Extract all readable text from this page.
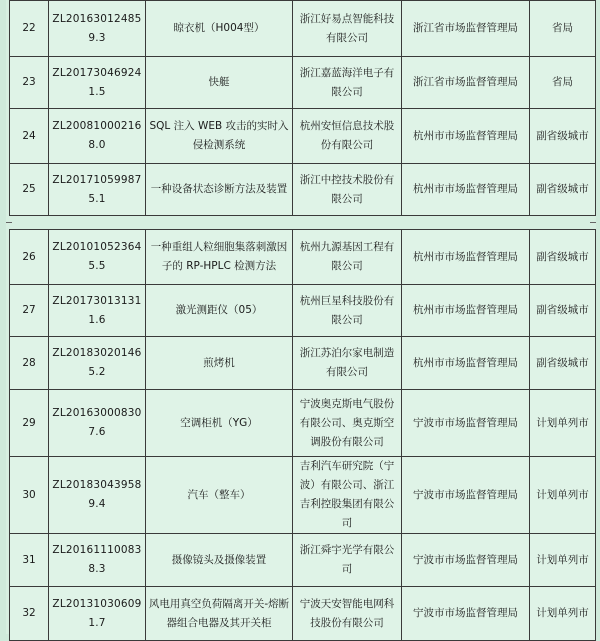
22	ZL201630124859.3	晾衣机（H004型）	浙江好易点智能科技有限公司	浙江省市场监督管理局	省局
23	ZL201730469241.5	快艇	浙江嘉蓝海洋电子有限公司	浙江省市场监督管理局	省局
24	ZL200810002168.0	SQL 注入 WEB 攻击的实时入侵检测系统	杭州安恒信息技术股份有限公司	杭州市市场监督管理局	副省级城市
25	ZL201710599875.1	一种设备状态诊断方法及装置	浙江中控技术股份有限公司	杭州市市场监督管理局	副省级城市
26	ZL201010523645.5	一种重组人粒细胞集落刺激因子的 RP-HPLC 检测方法	杭州九源基因工程有限公司	杭州市市场监督管理局	副省级城市
27	ZL201730131311.6	激光测距仪（05）	杭州巨星科技股份有限公司	杭州市市场监督管理局	副省级城市
28	ZL201830201465.2	煎烤机	浙江苏泊尔家电制造有限公司	杭州市市场监督管理局	副省级城市
29	ZL201630008307.6	空调柜机（YG）	宁波奥克斯电气股份有限公司、奥克斯空调股份有限公司	宁波市市场监督管理局	计划单列市
30	ZL201830439589.4	汽车（整车）	吉利汽车研究院（宁波）有限公司、浙江吉利控股集团有限公司	宁波市市场监督管理局	计划单列市
31	ZL201611100838.3	摄像镜头及摄像装置	浙江舜宇光学有限公司	宁波市市场监督管理局	计划单列市
32	ZL201310306091.7	风电用真空负荷隔离开关-熔断器组合电器及其开关柜	宁波天安智能电网科技股份有限公司	宁波市市场监督管理局	计划单列市
